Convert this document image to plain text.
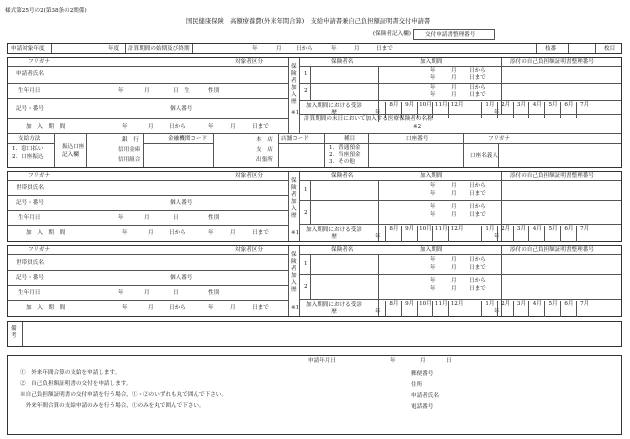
様式第25号の2(第38条の2関係)
国民健康保険　高額療養費(外来年間合算)　支給申請書兼自己負担額証明書交付申請書
(保険者記入欄)	交付申請書整理番号
申請対象年度	年度 計算期間の始期及び終期	年	月	日から	年	月	日まで	枝番	枚目
フリガナ	対象者区分
申請者氏名
生年月日	年	月	日　生	性別
記号・番号	個人番号
加　入　期　間	年	月	日から	年	月	日まで
保険者加入歴
※1
保険者名	加入期間	添付の自己負担額証明書整理番号
1	年	月 日から
年	月 日まで
2	年	月 日から
年	月 日まで
加入期間における受診歴	年	年
8月	9月 10月 11月 12月	1月	2月	3月	4月	5月	6月	7月
計算期間の末日において加入する医療保険者の名称
※2
支給方法
1．窓口払い
2．口座振込
振込口座
記入欄
銀　行
信用金庫
信用組合
金融機関コード	本　店
支　店
出張所
店舗コード	種目
1．普通預金
2．当座預金
3．その他
口座番号	フリガナ
口座名義人
フリガナ	対象者区分
世帯員氏名
記号・番号	個人番号
生年月日	年	月	日	性別
加　入　期　間	年	月	日から	年	月	日まで
保険者加入歴
※1
保険者名	加入期間	添付の自己負担額証明書整理番号
1
年	月 日から
年	月 日まで
2
年	月 日から
年	月 日まで
加入期間における受診歴	年	年
8月	9月 10月 11月 12月	1月	2月	3月	4月	5月	6月	7月
フリガナ	対象者区分
世帯員氏名
記号・番号	個人番号
生年月日	年	月	日	性別
加　入　期　間	年	月	日から	年	月	日まで
保険者加入歴
※1
保険者名	加入期間	添付の自己負担額証明書整理番号
1
年	月 日から
年	月 日まで
2
年	月 日から
年	月 日まで
加入期間における受診歴	年	年
8月	9月 10月 11月 12月	1月	2月	3月	4月	5月	6月	7月
備考
申請年月日	年	月	日
①　外来年間合算の支給を申請します。
②　自己負担額証明書の交付を申請します。
※自己負担額証明書の交付申請を行う場合，①・②のいずれも丸で囲んで下さい。
　外来年間合算の支給申請のみを行う場合，①のみを丸で囲んで下さい。
郵便番号
住所
申請者氏名
電話番号
